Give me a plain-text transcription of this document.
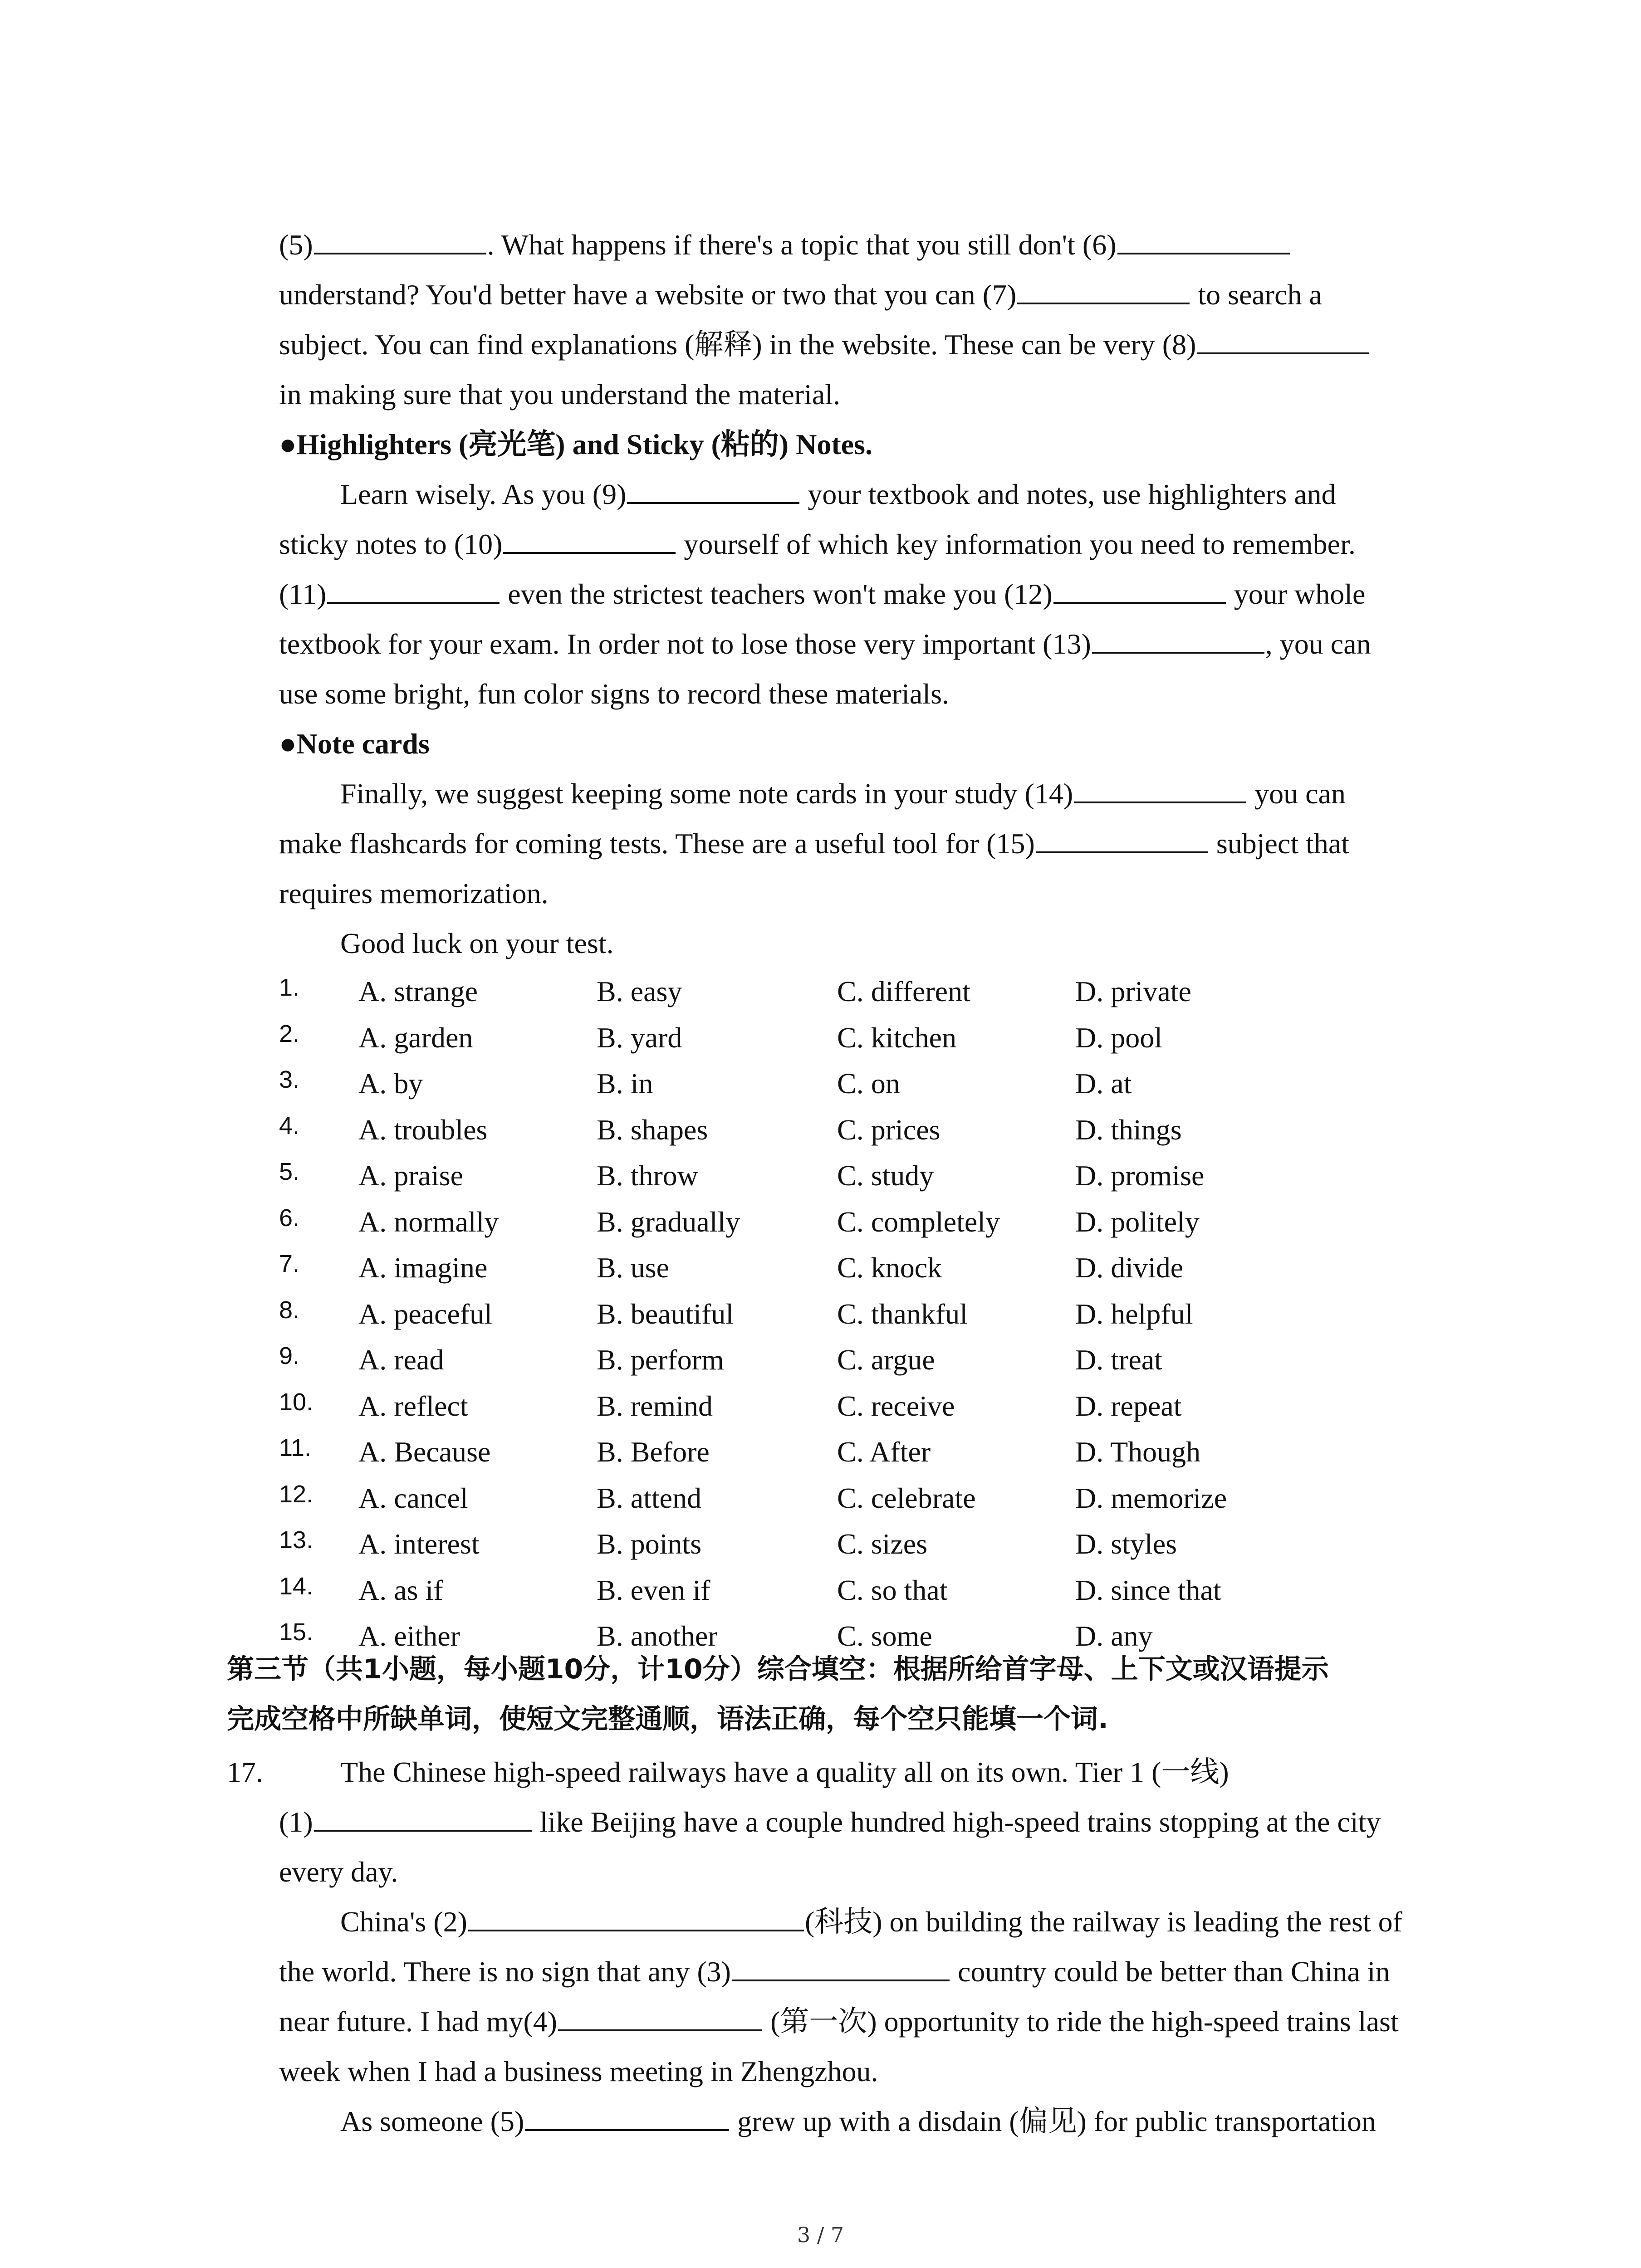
(5)	. What happens if there's a topic that you still don't (6)
understand? You'd better have a website or two that you can (7)	to search a
subject. You can find explanations (解释) in the website. These can be very (8)
in making sure that you understand the material.
●Highlighters (亮光笔) and Sticky (粘的) Notes.
Learn wisely. As you (9)	your textbook and notes, use highlighters and
sticky notes to (10)	yourself of which key information you need to remember.
(11)	even the strictest teachers won't make you (12)	your whole
textbook for your exam. In order not to lose those very important (13)	, you can
use some bright, fun color signs to record these materials.
●Note cards
Finally, we suggest keeping some note cards in your study (14)	you can
make flashcards for coming tests. These are a useful tool for (15)	subject that
requires memorization.
Good luck on your test.
1. A. strange	B. easy	C. different	D. private
2. A. garden	B. yard	C. kitchen	D. pool
3. A. by	B. in	C. on	D. at
4. A. troubles	B. shapes	C. prices	D. things
5. A. praise	B. throw	C. study	D. promise
6. A. normally	B. gradually	C. completely	D. politely
7. A. imagine	B. use	C. knock	D. divide
8. A. peaceful	B. beautiful	C. thankful	D. helpful
9. A. read	B. perform	C. argue	D. treat
10. A. reflect	B. remind	C. receive	D. repeat
11. A. Because	B. Before	C. After	D. Though
12. A. cancel	B. attend	C. celebrate	D. memorize
13. A. interest	B. points	C. sizes	D. styles
14. A. as if	B. even if	C. so that	D. since that
15. A. either	B. another	C. some	D. any
第三节（共1小题，每小题10分，计10分）综合填空：根据所给首字母、上下文或汉语提示
完成空格中所缺单词，使短文完整通顺，语法正确，每个空只能填一个词.
17.	The Chinese high-speed railways have a quality all on its own. Tier 1 (一线)
(1)	like Beijing have a couple hundred high-speed trains stopping at the city
every day.
China's (2)	(科技) on building the railway is leading the rest of
the world. There is no sign that any (3)	country could be better than China in
near future. I had my(4)	(第一次) opportunity to ride the high-speed trains last
week when I had a business meeting in Zhengzhou.
As someone (5)	grew up with a disdain (偏见) for public transportation
3 / 7
